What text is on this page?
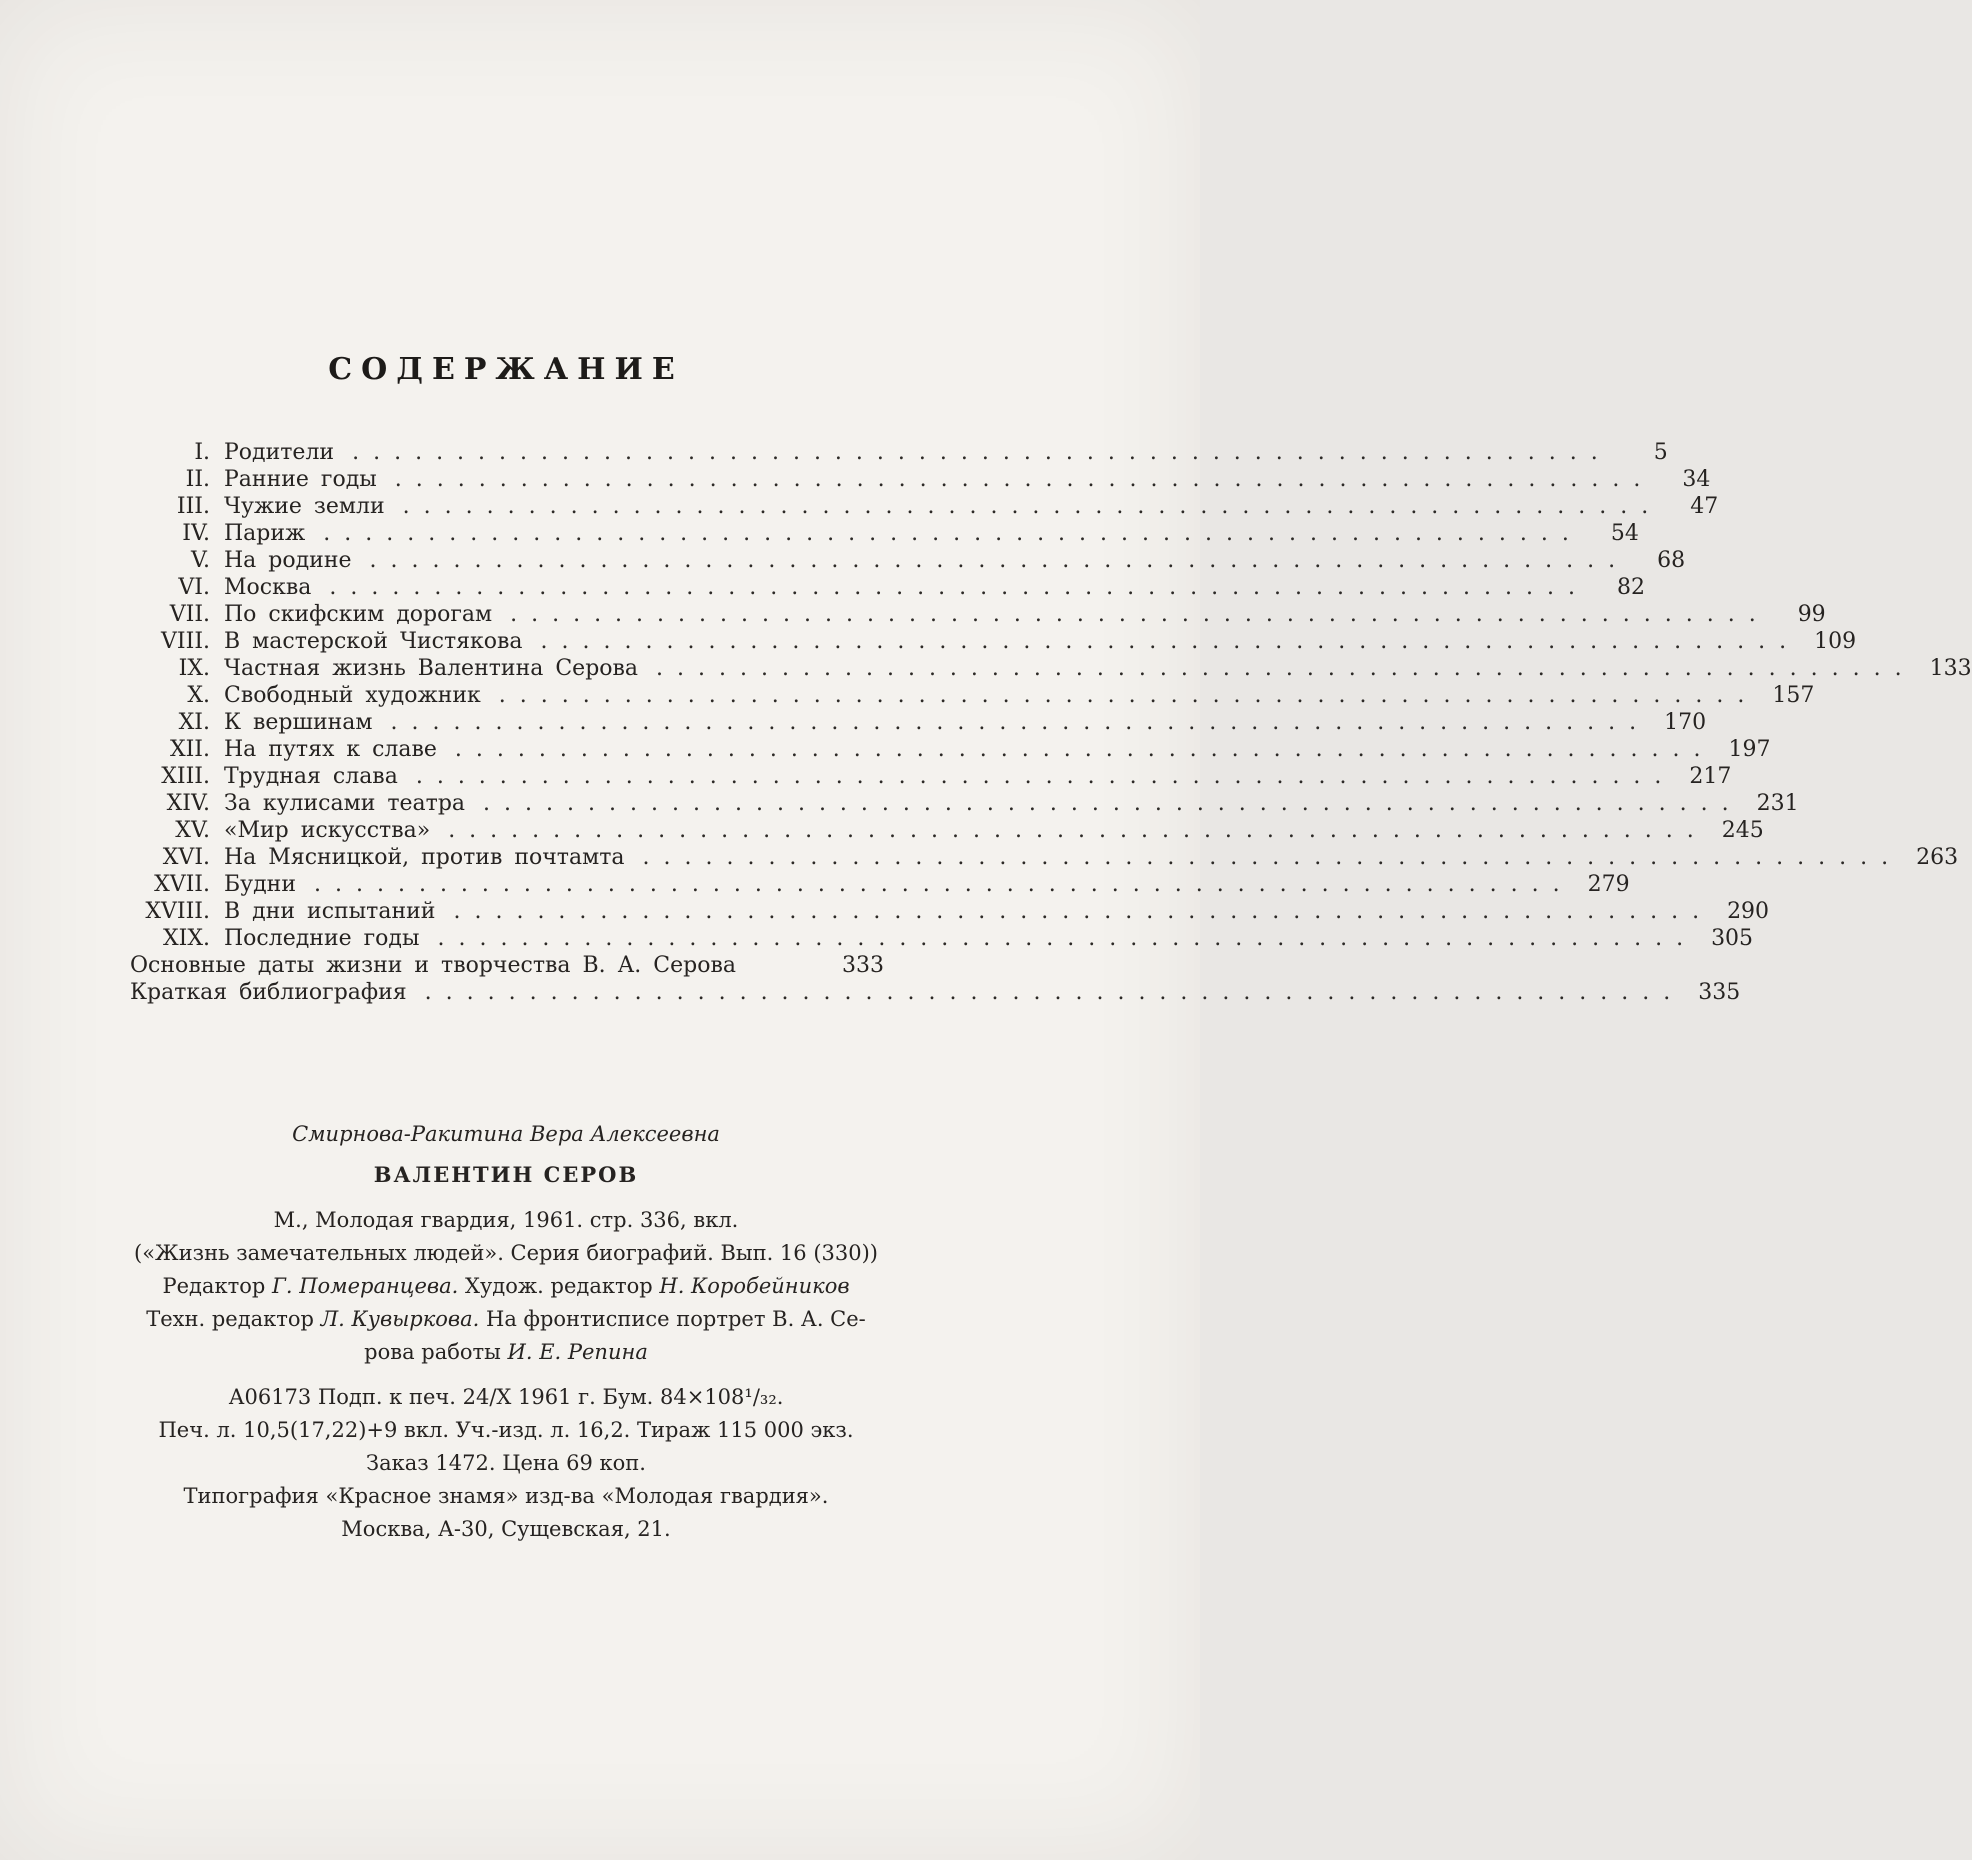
СОДЕРЖАНИЕ
I. Родители ............................................................	5
II. Ранние годы ............................................................	34
III. Чужие земли ............................................................	47
IV. Париж ............................................................	54
V. На родине ............................................................	68
VI. Москва ............................................................	82
VII. По скифским дорогам ............................................................	99
VIII. В мастерской Чистякова ............................................................ 109
IX. Частная жизнь Валентина Серова ............................................................ 133
X. Свободный художник ............................................................ 157
XI. К вершинам ............................................................ 170
XII. На путях к славе ............................................................ 197
XIII. Трудная слава ............................................................ 217
XIV. За кулисами театра ............................................................ 231
XV. «Мир искусства» ............................................................ 245
XVI. На Мясницкой, против почтамта ............................................................ 263
XVII. Будни ............................................................ 279
XVIII. В дни испытаний ............................................................ 290
XIX. Последние годы ............................................................ 305
Основные даты жизни и творчества В. А. Серова	333
Краткая библиография ............................................................ 335
Смирнова-Ракитина Вера Алексеевна
ВАЛЕНТИН СЕРОВ
М., Молодая гвардия, 1961. стр. 336, вкл.
(«Жизнь замечательных людей». Серия биографий. Вып. 16 (330))
Редактор Г. Померанцева. Худож. редактор Н. Коробейников
Техн. редактор Л. Кувыркова. На фронтисписе портрет В. А. Се-
рова работы И. Е. Репина
А06173 Подп. к печ. 24/X 1961 г. Бум. 84×108¹/₃₂.
Печ. л. 10,5(17,22)+9 вкл. Уч.-изд. л. 16,2. Тираж 115 000 экз.
Заказ 1472. Цена 69 коп.
Типография «Красное знамя» изд-ва «Молодая гвардия».
Москва, А-30, Сущевская, 21.
